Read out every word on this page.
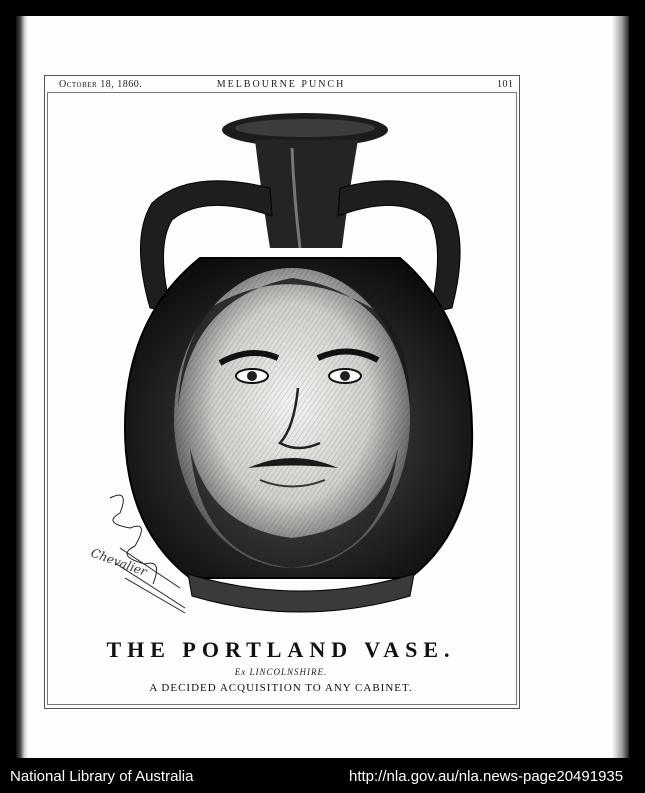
October 18, 1860.	MELBOURNE PUNCH	101
Chevalier
THE PORTLAND VASE.
Ex LINCOLNSHIRE.
A DECIDED ACQUISITION TO ANY CABINET.
National Library of Australia	http://nla.gov.au/nla.news-page20491935
